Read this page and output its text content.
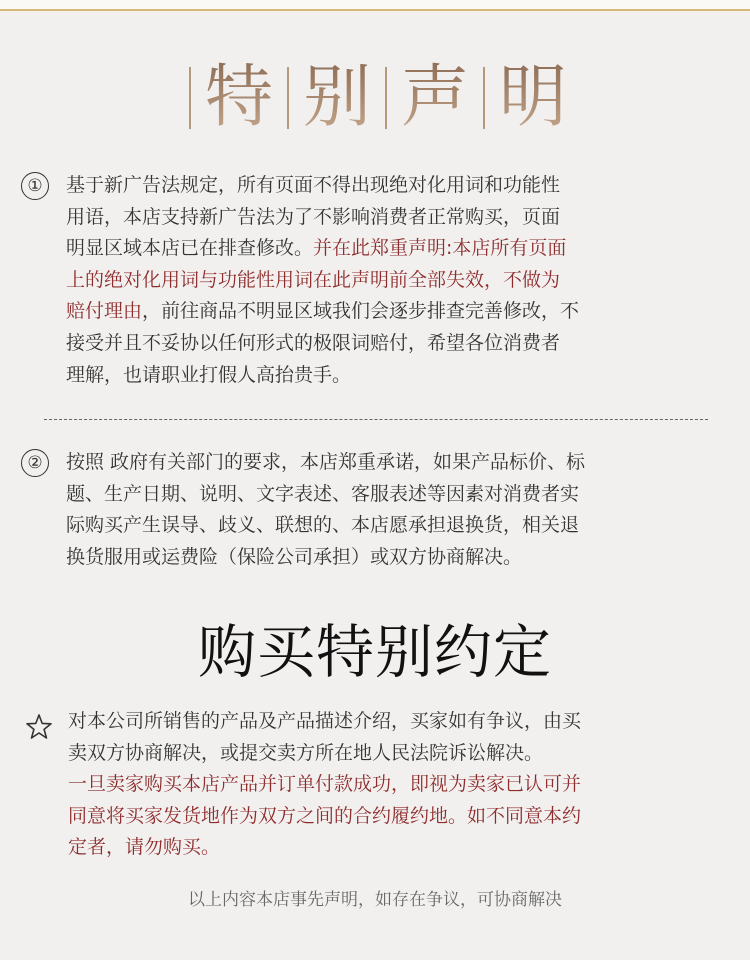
特 别 声 明
①	基于新广告法规定，所有页面不得出现绝对化用词和功能性
用语，本店支持新广告法为了不影响消费者正常购买，页面
明显区域本店已在排查修改。并在此郑重声明:本店所有页面
上的绝对化用词与功能性用词在此声明前全部失效，不做为
赔付理由，前往商品不明显区域我们会逐步排查完善修改，不
接受并且不妥协以任何形式的极限词赔付，希望各位消费者
理解，也请职业打假人高抬贵手。
②	按照 政府有关部门的要求，本店郑重承诺，如果产品标价、标
题、生产日期、说明、文字表述、客服表述等因素对消费者实
际购买产生误导、歧义、联想的、本店愿承担退换货，相关退
换货服用或运费险（保险公司承担）或双方协商解决。
购买特别约定
对本公司所销售的产品及产品描述介绍，买家如有争议，由买
卖双方协商解决，或提交卖方所在地人民法院诉讼解决。
一旦卖家购买本店产品并订单付款成功，即视为卖家已认可并
同意将买家发货地作为双方之间的合约履约地。如不同意本约
定者，请勿购买。
以上内容本店事先声明，如存在争议，可协商解决
